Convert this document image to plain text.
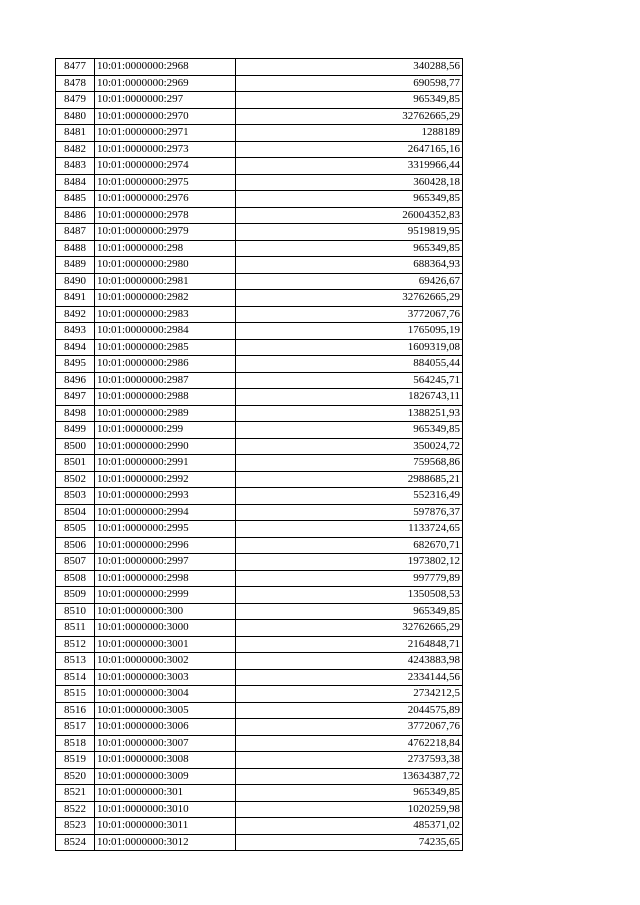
8477	10:01:0000000:2968	340288,56
8478	10:01:0000000:2969	690598,77
8479	10:01:0000000:297	965349,85
8480	10:01:0000000:2970	32762665,29
8481	10:01:0000000:2971	1288189
8482	10:01:0000000:2973	2647165,16
8483	10:01:0000000:2974	3319966,44
8484	10:01:0000000:2975	360428,18
8485	10:01:0000000:2976	965349,85
8486	10:01:0000000:2978	26004352,83
8487	10:01:0000000:2979	9519819,95
8488	10:01:0000000:298	965349,85
8489	10:01:0000000:2980	688364,93
8490	10:01:0000000:2981	69426,67
8491	10:01:0000000:2982	32762665,29
8492	10:01:0000000:2983	3772067,76
8493	10:01:0000000:2984	1765095,19
8494	10:01:0000000:2985	1609319,08
8495	10:01:0000000:2986	884055,44
8496	10:01:0000000:2987	564245,71
8497	10:01:0000000:2988	1826743,11
8498	10:01:0000000:2989	1388251,93
8499	10:01:0000000:299	965349,85
8500	10:01:0000000:2990	350024,72
8501	10:01:0000000:2991	759568,86
8502	10:01:0000000:2992	2988685,21
8503	10:01:0000000:2993	552316,49
8504	10:01:0000000:2994	597876,37
8505	10:01:0000000:2995	1133724,65
8506	10:01:0000000:2996	682670,71
8507	10:01:0000000:2997	1973802,12
8508	10:01:0000000:2998	997779,89
8509	10:01:0000000:2999	1350508,53
8510	10:01:0000000:300	965349,85
8511	10:01:0000000:3000	32762665,29
8512	10:01:0000000:3001	2164848,71
8513	10:01:0000000:3002	4243883,98
8514	10:01:0000000:3003	2334144,56
8515	10:01:0000000:3004	2734212,5
8516	10:01:0000000:3005	2044575,89
8517	10:01:0000000:3006	3772067,76
8518	10:01:0000000:3007	4762218,84
8519	10:01:0000000:3008	2737593,38
8520	10:01:0000000:3009	13634387,72
8521	10:01:0000000:301	965349,85
8522	10:01:0000000:3010	1020259,98
8523	10:01:0000000:3011	485371,02
8524	10:01:0000000:3012	74235,65
